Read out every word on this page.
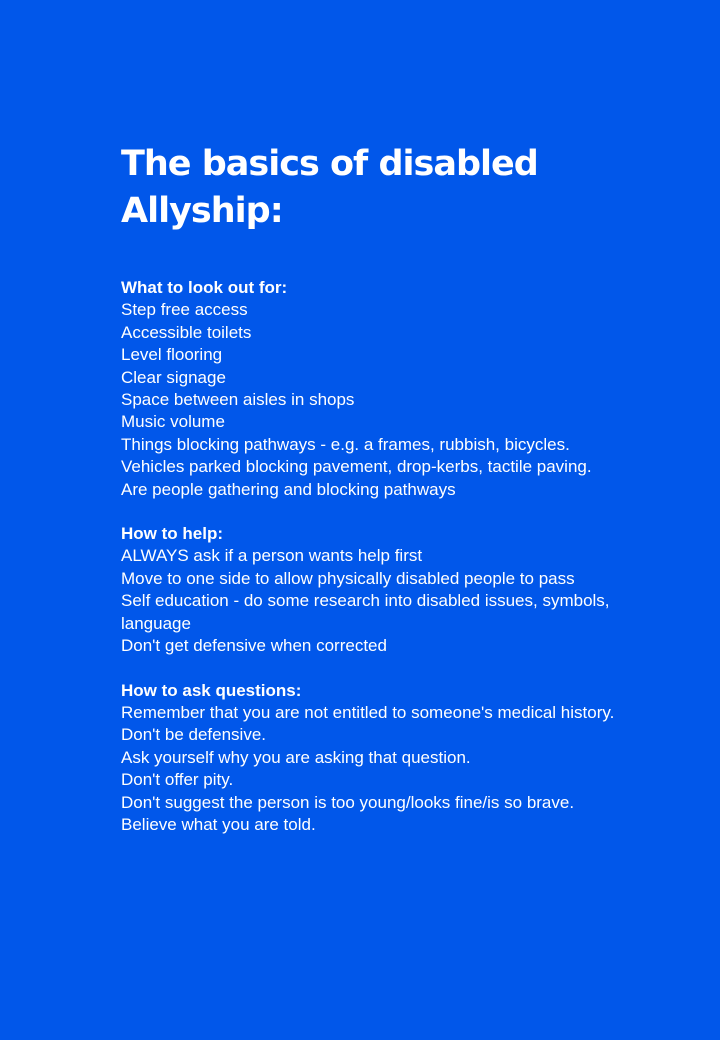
The basics of disabled Allyship:

What to look out for:

Step free access
Accessible toilets
Level flooring
Clear signage
Space between aisles in shops
Music volume
Things blocking pathways - e.g. a frames, rubbish, bicycles.
Vehicles parked blocking pavement, drop-kerbs, tactile paving.
Are people gathering and blocking pathways

How to help:

ALWAYS ask if a person wants help first
Move to one side to allow physically disabled people to pass
Self education - do some research into disabled issues, symbols, language
Don't get defensive when corrected

How to ask questions:

Remember that you are not entitled to someone's medical history.
Don't be defensive.
Ask yourself why you are asking that question.
Don't offer pity.
Don't suggest the person is too young/looks fine/is so brave.
Believe what you are told.
